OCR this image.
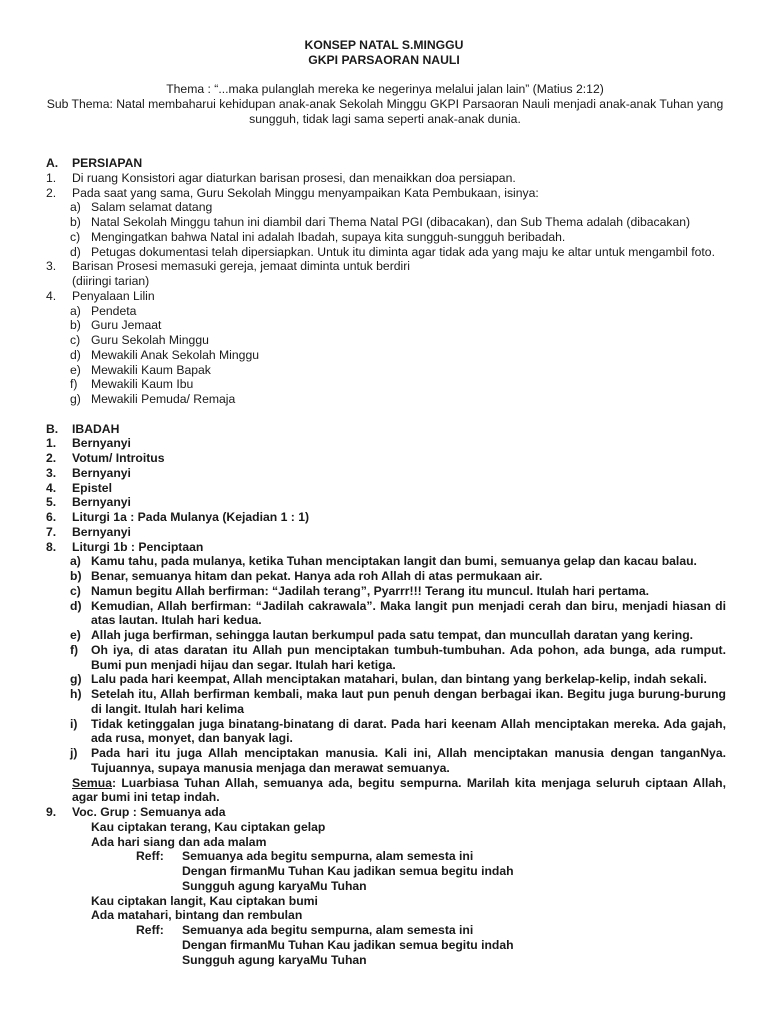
KONSEP NATAL S.MINGGU
GKPI PARSAORAN NAULI
Thema : “...maka pulanglah mereka ke negerinya melalui jalan lain” (Matius 2:12)
Sub Thema: Natal membaharui kehidupan anak-anak Sekolah Minggu GKPI Parsaoran Nauli menjadi anak-anak Tuhan yang sungguh, tidak lagi sama seperti anak-anak dunia.
A.	PERSIAPAN
1.	Di ruang Konsistori agar diaturkan barisan prosesi, dan menaikkan doa persiapan.
2.	Pada saat yang sama, Guru Sekolah Minggu menyampaikan Kata Pembukaan, isinya:
a) Salam selamat datang
b) Natal Sekolah Minggu tahun ini diambil dari Thema Natal PGI (dibacakan), dan Sub Thema adalah (dibacakan)
c) Mengingatkan bahwa Natal ini adalah Ibadah, supaya kita sungguh-sungguh beribadah.
d) Petugas dokumentasi telah dipersiapkan. Untuk itu diminta agar tidak ada yang maju ke altar untuk mengambil foto.
3.	Barisan Prosesi memasuki gereja, jemaat diminta untuk berdiri
(diiringi tarian)
4.	Penyalaan Lilin
a) Pendeta
b) Guru Jemaat
c) Guru Sekolah Minggu
d) Mewakili Anak Sekolah Minggu
e) Mewakili Kaum Bapak
f) Mewakili Kaum Ibu
g) Mewakili Pemuda/ Remaja
B.	IBADAH
1.	Bernyanyi
2.	Votum/ Introitus
3.	Bernyanyi
4.	Epistel
5.	Bernyanyi
6.	Liturgi 1a : Pada Mulanya (Kejadian 1 : 1)
7.	Bernyanyi
8.	Liturgi 1b : Penciptaan
a) Kamu tahu, pada mulanya, ketika Tuhan menciptakan langit dan bumi, semuanya gelap dan kacau balau.
b) Benar, semuanya hitam dan pekat. Hanya ada roh Allah di atas permukaan air.
c) Namun begitu Allah berfirman: “Jadilah terang”, Pyarrr!!! Terang itu muncul. Itulah hari pertama.
d) Kemudian, Allah berfirman: “Jadilah cakrawala”. Maka langit pun menjadi cerah dan biru, menjadi hiasan di atas lautan. Itulah hari kedua.
e) Allah juga berfirman, sehingga lautan berkumpul pada satu tempat, dan muncullah daratan yang kering.
f) Oh iya, di atas daratan itu Allah pun menciptakan tumbuh-tumbuhan. Ada pohon, ada bunga, ada rumput. Bumi pun menjadi hijau dan segar. Itulah hari ketiga.
g) Lalu pada hari keempat, Allah menciptakan matahari, bulan, dan bintang yang berkelap-kelip, indah sekali.
h) Setelah itu, Allah berfirman kembali, maka laut pun penuh dengan berbagai ikan. Begitu juga burung-burung di langit. Itulah hari kelima
i) Tidak ketinggalan juga binatang-binatang di darat. Pada hari keenam Allah menciptakan mereka. Ada gajah, ada rusa, monyet, dan banyak lagi.
j) Pada hari itu juga Allah menciptakan manusia. Kali ini, Allah menciptakan manusia dengan tanganNya. Tujuannya, supaya manusia menjaga dan merawat semuanya.
Semua: Luarbiasa Tuhan Allah, semuanya ada, begitu sempurna. Marilah kita menjaga seluruh ciptaan Allah, agar bumi ini tetap indah.
9.	Voc. Grup : Semuanya ada
Kau ciptakan terang, Kau ciptakan gelap
Ada hari siang dan ada malam
Reff: Semuanya ada begitu sempurna, alam semesta ini
Dengan firmanMu Tuhan Kau jadikan semua begitu indah
Sungguh agung karyaMu Tuhan
Kau ciptakan langit, Kau ciptakan bumi
Ada matahari, bintang dan rembulan
Reff: Semuanya ada begitu sempurna, alam semesta ini
Dengan firmanMu Tuhan Kau jadikan semua begitu indah
Sungguh agung karyaMu Tuhan
